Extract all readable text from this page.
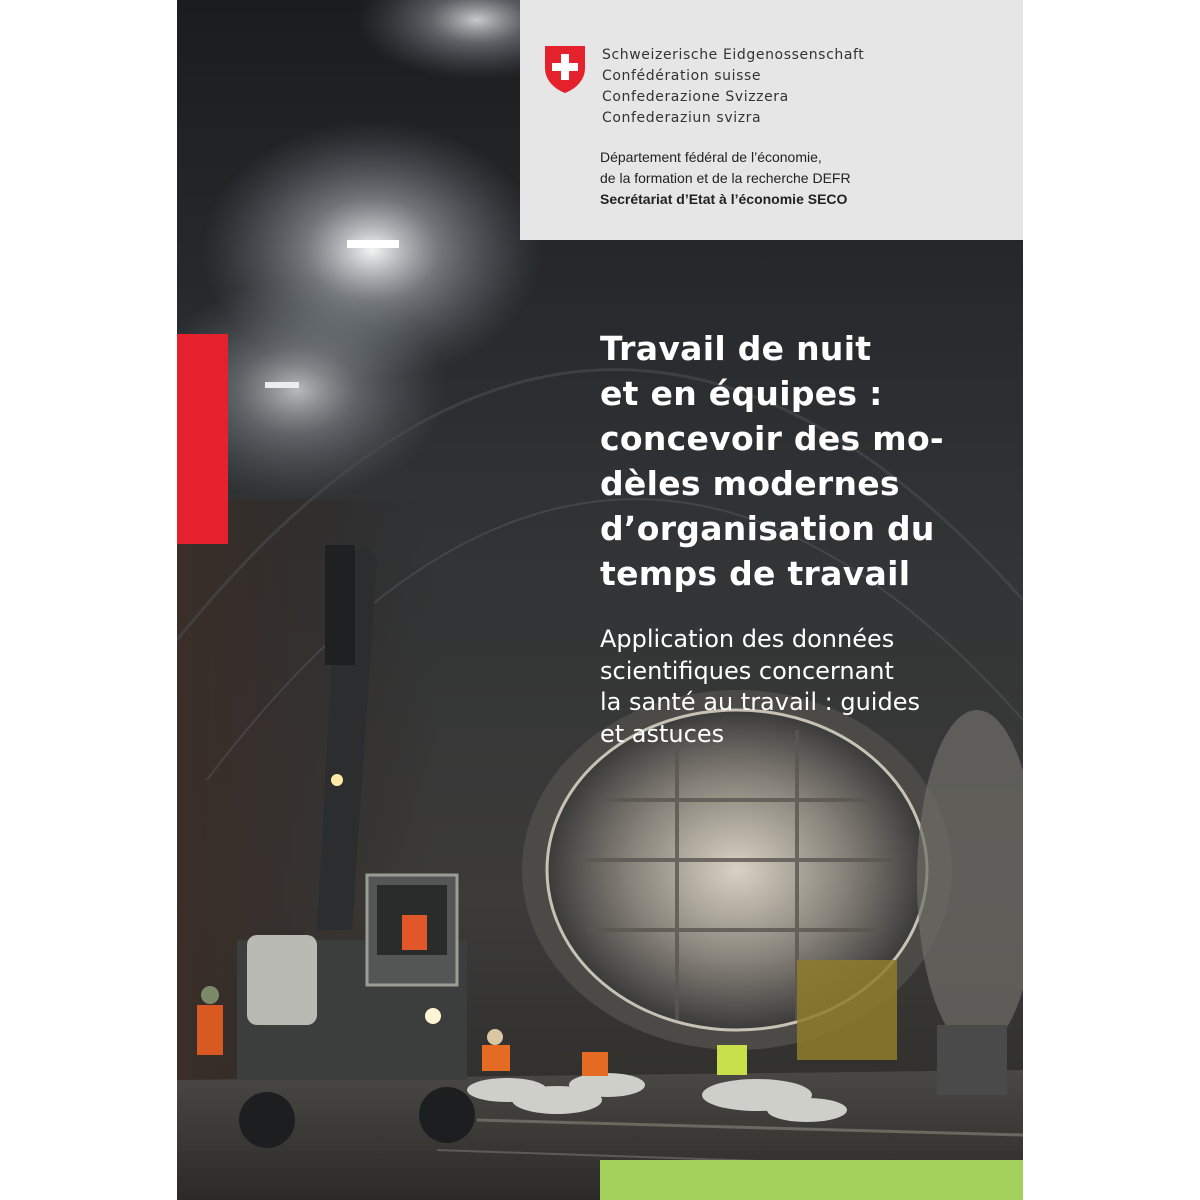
Schweizerische Eidgenossenschaft
Confédération suisse
Confederazione Svizzera
Confederaziun svizra
Département fédéral de l’économie,
de la formation et de la recherche DEFR
Secrétariat d’Etat à l’économie SECO
Travail de nuit
et en équipes :
concevoir des mo-
dèles modernes
d’organisation du
temps de travail
Application des données
scientifiques concernant
la santé au travail : guides
et astuces
